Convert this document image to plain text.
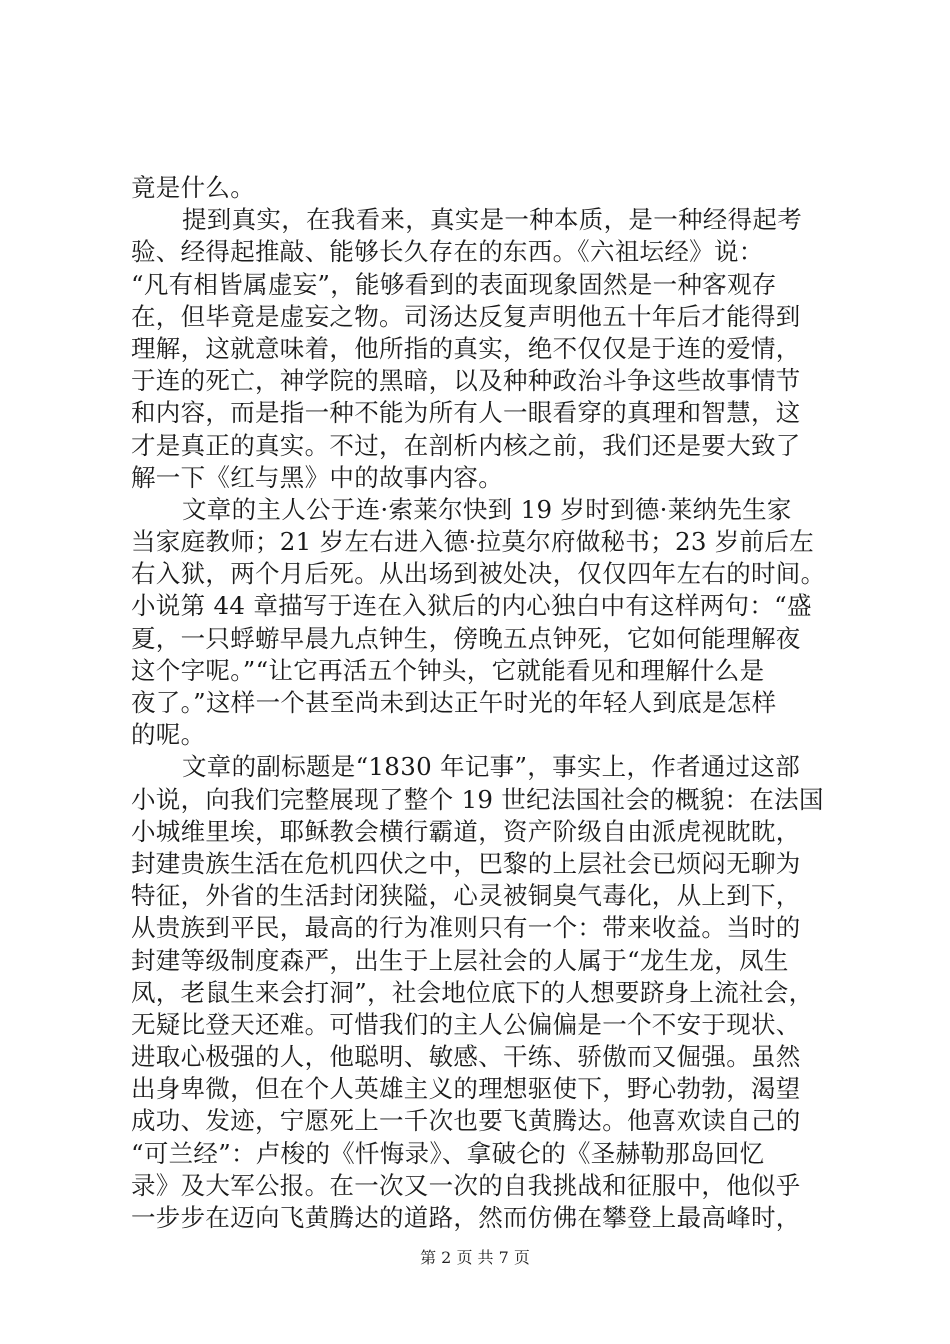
竟是什么。
提到真实，在我看来，真实是一种本质，是一种经得起考
验、经得起推敲、能够长久存在的东西。《六祖坛经》说：
“凡有相皆属虚妄”，能够看到的表面现象固然是一种客观存
在，但毕竟是虚妄之物。司汤达反复声明他五十年后才能得到
理解，这就意味着，他所指的真实，绝不仅仅是于连的爱情，
于连的死亡，神学院的黑暗，以及种种政治斗争这些故事情节
和内容，而是指一种不能为所有人一眼看穿的真理和智慧，这
才是真正的真实。不过，在剖析内核之前，我们还是要大致了
解一下《红与黑》中的故事内容。
文章的主人公于连·索莱尔快到 19 岁时到德·莱纳先生家
当家庭教师；21 岁左右进入德·拉莫尔府做秘书；23 岁前后左
右入狱，两个月后死。从出场到被处决，仅仅四年左右的时间。
小说第 44 章描写于连在入狱后的内心独白中有这样两句：“盛
夏，一只蜉蝣早晨九点钟生，傍晚五点钟死，它如何能理解夜
这个字呢。”“让它再活五个钟头，它就能看见和理解什么是
夜了。”这样一个甚至尚未到达正午时光的年轻人到底是怎样
的呢。
文章的副标题是“1830 年记事”，事实上，作者通过这部
小说，向我们完整展现了整个 19 世纪法国社会的概貌：在法国
小城维里埃，耶稣教会横行霸道，资产阶级自由派虎视眈眈，
封建贵族生活在危机四伏之中，巴黎的上层社会已烦闷无聊为
特征，外省的生活封闭狭隘，心灵被铜臭气毒化，从上到下，
从贵族到平民，最高的行为准则只有一个：带来收益。当时的
封建等级制度森严，出生于上层社会的人属于“龙生龙，凤生
凤，老鼠生来会打洞”，社会地位底下的人想要跻身上流社会，
无疑比登天还难。可惜我们的主人公偏偏是一个不安于现状、
进取心极强的人，他聪明、敏感、干练、骄傲而又倔强。虽然
出身卑微，但在个人英雄主义的理想驱使下，野心勃勃，渴望
成功、发迹，宁愿死上一千次也要飞黄腾达。他喜欢读自己的
“可兰经”：卢梭的《忏悔录》、拿破仑的《圣赫勒那岛回忆
录》及大军公报。在一次又一次的自我挑战和征服中，他似乎
一步步在迈向飞黄腾达的道路，然而仿佛在攀登上最高峰时，
第 2 页 共 7 页
